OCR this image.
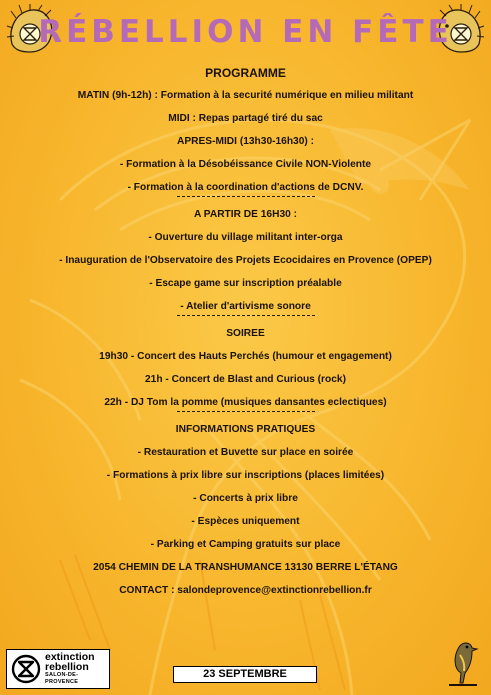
RÉBELLION EN FÊTE
PROGRAMME
MATIN (9h-12h) : Formation à la securité numérique en milieu militant
MIDI : Repas partagé tiré du sac
APRES-MIDI (13h30-16h30) :
- Formation à la Désobéissance Civile NON-Violente
- Formation à la coordination d'actions de DCNV.
A PARTIR DE 16H30 :
- Ouverture du village militant inter-orga
- Inauguration de l'Observatoire des Projets Ecocidaires en Provence (OPEP)
- Escape game sur inscription préalable
- Atelier d'artivisme sonore
SOIREE
19h30 - Concert des Hauts Perchés (humour et engagement)
21h - Concert de Blast and Curious (rock)
22h - DJ Tom la pomme (musiques dansantes eclectiques)
INFORMATIONS PRATIQUES
- Restauration et Buvette sur place en soirée
- Formations à prix libre sur inscriptions (places limitées)
- Concerts à prix libre
- Espèces uniquement
- Parking et Camping gratuits sur place
2054 CHEMIN DE LA TRANSHUMANCE 13130 BERRE L'ÉTANG
CONTACT : salondeprovence@extinctionrebellion.fr
extinction
rebellion
SALON-DE-PROVENCE
23 SEPTEMBRE
